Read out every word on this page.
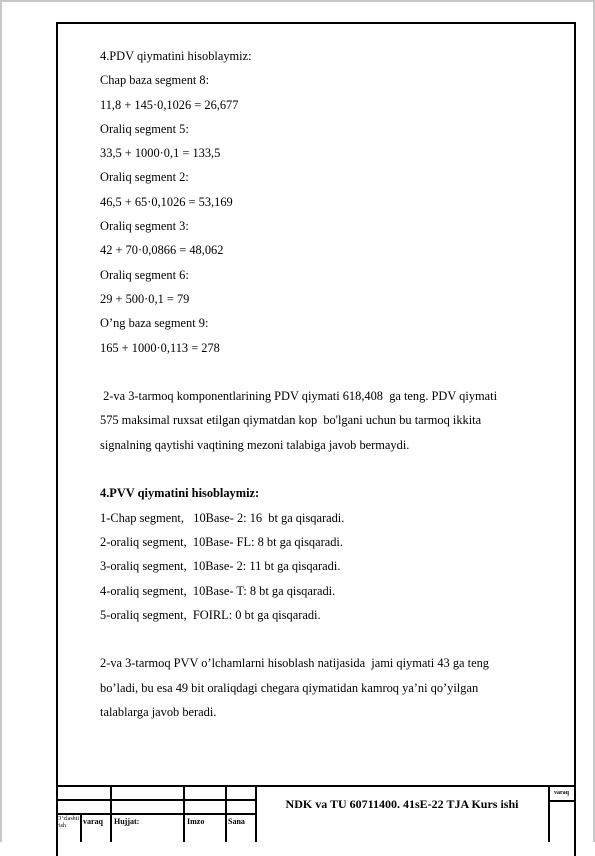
4.PDV qiymatini hisoblaymiz:
Chap baza segment 8:
11,8 + 145·0,1026 = 26,677
Oraliq segment 5:
33,5 + 1000·0,1 = 133,5
Oraliq segment 2:
46,5 + 65·0,1026 = 53,169
Oraliq segment 3:
42 + 70·0,0866 = 48,062
Oraliq segment 6:
29 + 500·0,1 = 79
O’ng baza segment 9:
165 + 1000·0,113 = 278
2-va 3-tarmoq komponentlarining PDV qiymati 618,408  ga teng. PDV qiymati
575 maksimal ruxsat etilgan qiymatdan kop  bo'lgani uchun bu tarmoq ikkita
signalning qaytishi vaqtining mezoni talabiga javob bermaydi.
4.PVV qiymatini hisoblaymiz:
1-Chap segment,   10Base- 2: 16  bt ga qisqaradi.
2-oraliq segment,  10Base- FL: 8 bt ga qisqaradi.
3-oraliq segment,  10Base- 2: 11 bt ga qisqaradi.
4-oraliq segment,  10Base- T: 8 bt ga qisqaradi.
5-oraliq segment,  FOIRL: 0 bt ga qisqaradi.
2-va 3-tarmoq PVV o’lchamlarni hisoblash natijasida  jami qiymati 43 ga teng
bo’ladi, bu esa 49 bit oraliqdagi chegara qiymatidan kamroq ya’ni qo’yilgan
talablarga javob beradi.
NDK va TU 60711400. 41sE-22 TJA Kurs ishi
varaq
O‘zlashti
rish varaq Hujjat:	Imzo	Sana
